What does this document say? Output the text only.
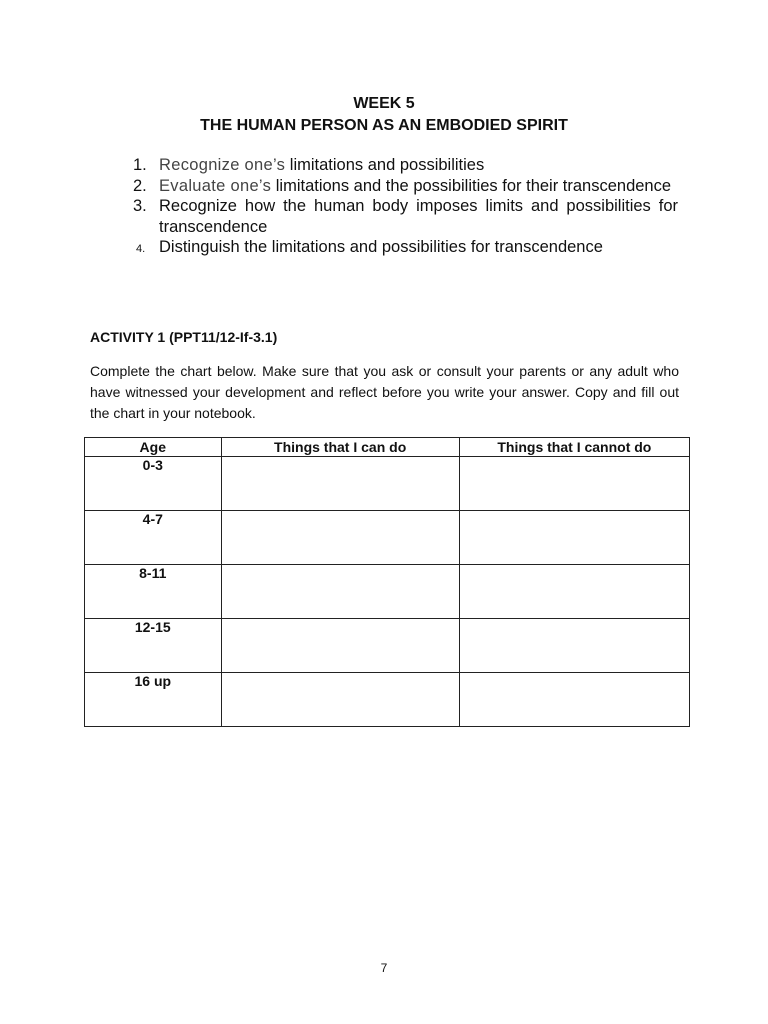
WEEK 5
THE HUMAN PERSON AS AN EMBODIED SPIRIT
1. Recognize one’s limitations and possibilities
2. Evaluate one’s limitations and the possibilities for their transcendence
3. Recognize how the human body imposes limits and possibilities for transcendence
4. Distinguish the limitations and possibilities for transcendence
ACTIVITY 1 (PPT11/12-If-3.1)

Complete the chart below. Make sure that you ask or consult your parents or any adult who have witnessed your development and reflect before you write your answer. Copy and fill out the chart in your notebook.

Age	Things that I can do	Things that I cannot do
0-3		
4-7		
8-11		
12-15		
16 up		
7
